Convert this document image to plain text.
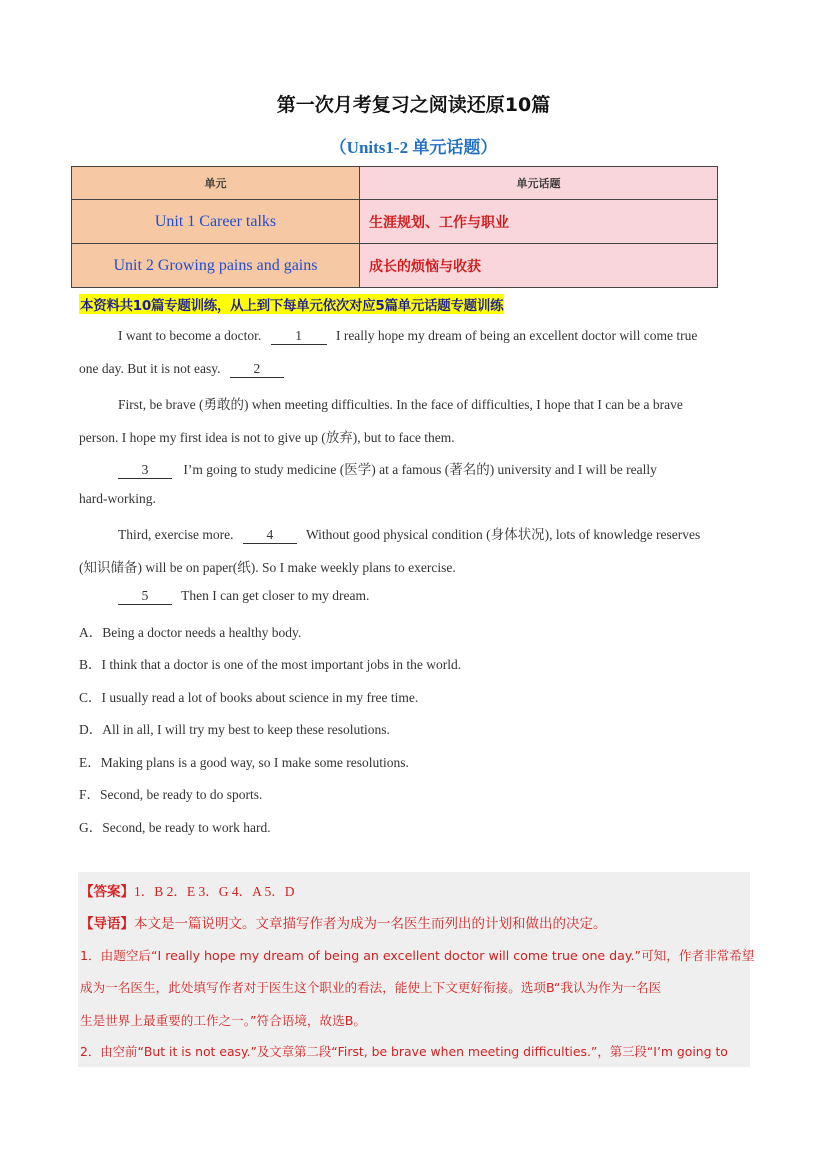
第一次月考复习之阅读还原10篇
（Units1-2 单元话题）
单元	单元话题
Unit 1 Career talks	生涯规划、工作与职业
Unit 2 Growing pains and gains	成长的烦恼与收获
本资料共10篇专题训练，从上到下每单元依次对应5篇单元话题专题训练
I want to become a doctor.	1	I really hope my dream of being an excellent doctor will come true
one day. But it is not easy. 2
First, be brave (勇敢的) when meeting difficulties. In the face of difficulties, I hope that I can be a brave
person. I hope my first idea is not to give up (放弃), but to face them.
3	I’m going to study medicine (医学) at a famous (著名的) university and I will be really
hard-working.
Third, exercise more. 4 Without good physical condition (身体状况), lots of knowledge reserves
(知识储备) will be on paper(纸). So I make weekly plans to exercise.
5 Then I can get closer to my dream.
A．Being a doctor needs a healthy body.
B．I think that a doctor is one of the most important jobs in the world.
C．I usually read a lot of books about science in my free time.
D．All in all, I will try my best to keep these resolutions.
E．Making plans is a good way, so I make some resolutions.
F．Second, be ready to do sports.
G．Second, be ready to work hard.
【答案】1．B 2．E 3．G 4．A 5．D
【导语】本文是一篇说明文。文章描写作者为成为一名医生而列出的计划和做出的决定。
1．由题空后“I really hope my dream of being an excellent doctor will come true one day.”可知，作者非常希望
成为一名医生，此处填写作者对于医生这个职业的看法，能使上下文更好衔接。选项B“我认为作为一名医
生是世界上最重要的工作之一。”符合语境，故选B。
2．由空前“But it is not easy.”及文章第二段“First, be brave when meeting difficulties.”，第三段“I’m going to
